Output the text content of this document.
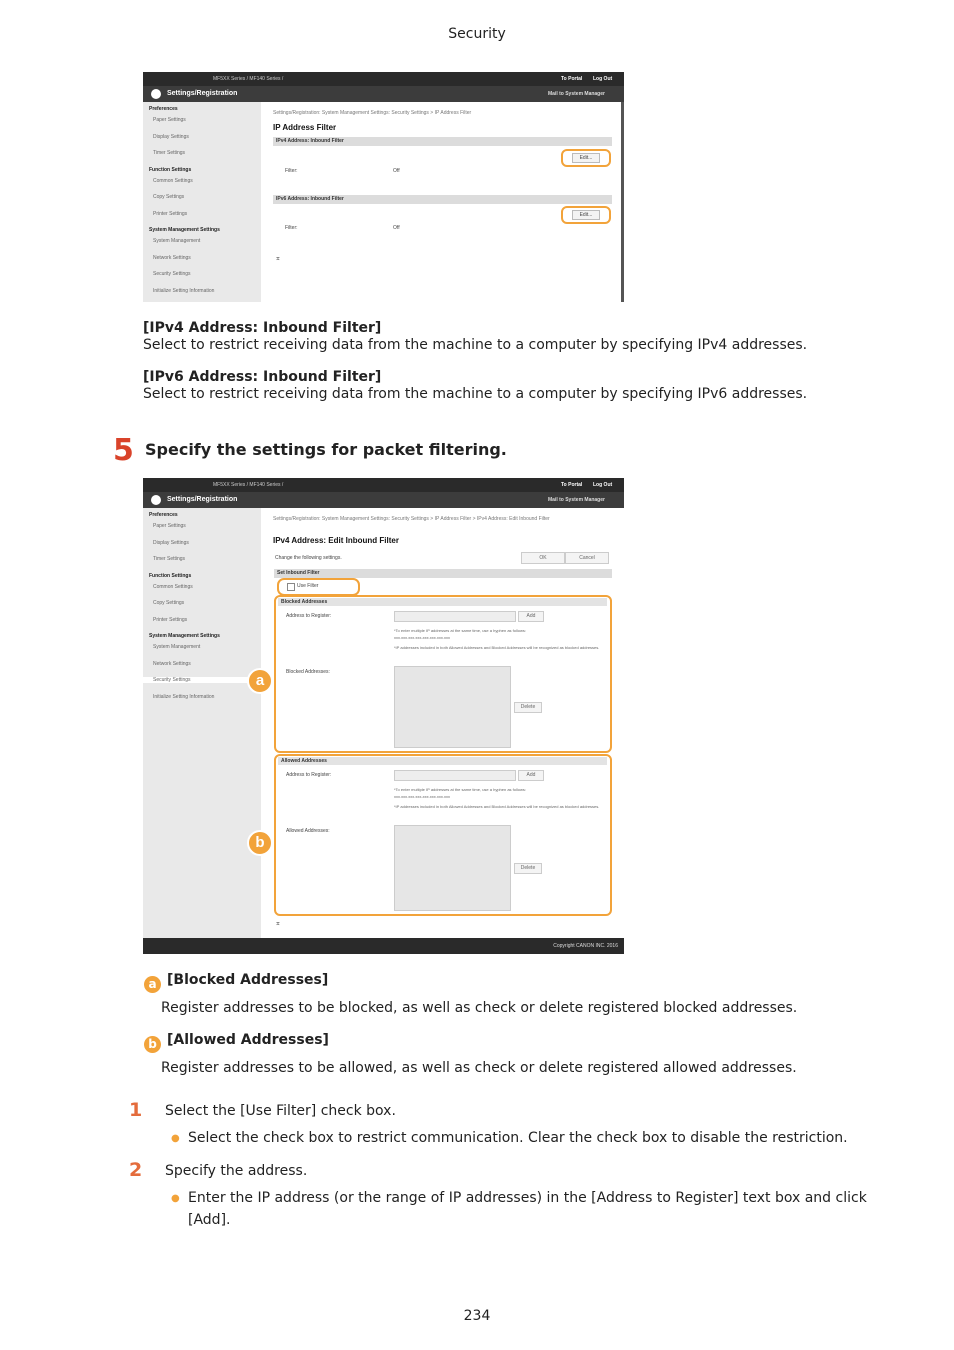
Security
MF5XX Series / MF140 Series /	To Portal Log Out
Settings/Registration	Mail to System Manager
Preferences
Paper Settings
Display Settings
Timer Settings
Function Settings
Common Settings
Copy Settings
Printer Settings
System Management Settings
System Management
Network Settings
Security Settings
Initialize Setting Information
Settings/Registration: System Management Settings: Security Settings > IP Address Filter
IP Address Filter
IPv4 Address: Inbound Filter
Edit...
Filter:	Off
IPv6 Address: Inbound Filter
Edit...
Filter:	Off
⌅
[IPv4 Address: Inbound Filter]
Select to restrict receiving data from the machine to a computer by specifying IPv4 addresses.
[IPv6 Address: Inbound Filter]
Select to restrict receiving data from the machine to a computer by specifying IPv6 addresses.
5 Specify the settings for packet filtering.
MF5XX Series / MF140 Series /	To Portal Log Out
Settings/Registration	Mail to System Manager
Preferences
Paper Settings
Display Settings
Timer Settings
Function Settings
Common Settings
Copy Settings
Printer Settings
System Management Settings
System Management
Network Settings
Security Settings
Initialize Setting Information
Settings/Registration: System Management Settings: Security Settings > IP Address Filter > IPv4 Address: Edit Inbound Filter
IPv4 Address: Edit Inbound Filter
Change the following settings.	OK	Cancel
Set Inbound Filter
Use Filter
Blocked Addresses
Address to Register:	Add
*To enter multiple IP addresses at the same time, use a hyphen as follows:
xxx.xxx.xxx.xxx-xxx.xxx.xxx.xxx
*IP addresses included in both Allowed Addresses and Blocked Addresses will be recognized as blocked addresses.
Blocked Addresses:
Delete
Allowed Addresses
Address to Register:	Add
*To enter multiple IP addresses at the same time, use a hyphen as follows:
xxx.xxx.xxx.xxx-xxx.xxx.xxx.xxx
*IP addresses included in both Allowed Addresses and Blocked Addresses will be recognized as blocked addresses.
Allowed Addresses:
Delete
⌅
a
b
Copyright CANON INC. 2016
a [Blocked Addresses]
Register addresses to be blocked, as well as check or delete registered blocked addresses.
b [Allowed Addresses]
Register addresses to be allowed, as well as check or delete registered allowed addresses.
1 Select the [Use Filter] check box.
● Select the check box to restrict communication. Clear the check box to disable the restriction.
2 Specify the address.
● Enter the IP address (or the range of IP addresses) in the [Address to Register] text box and click
[Add].
234
